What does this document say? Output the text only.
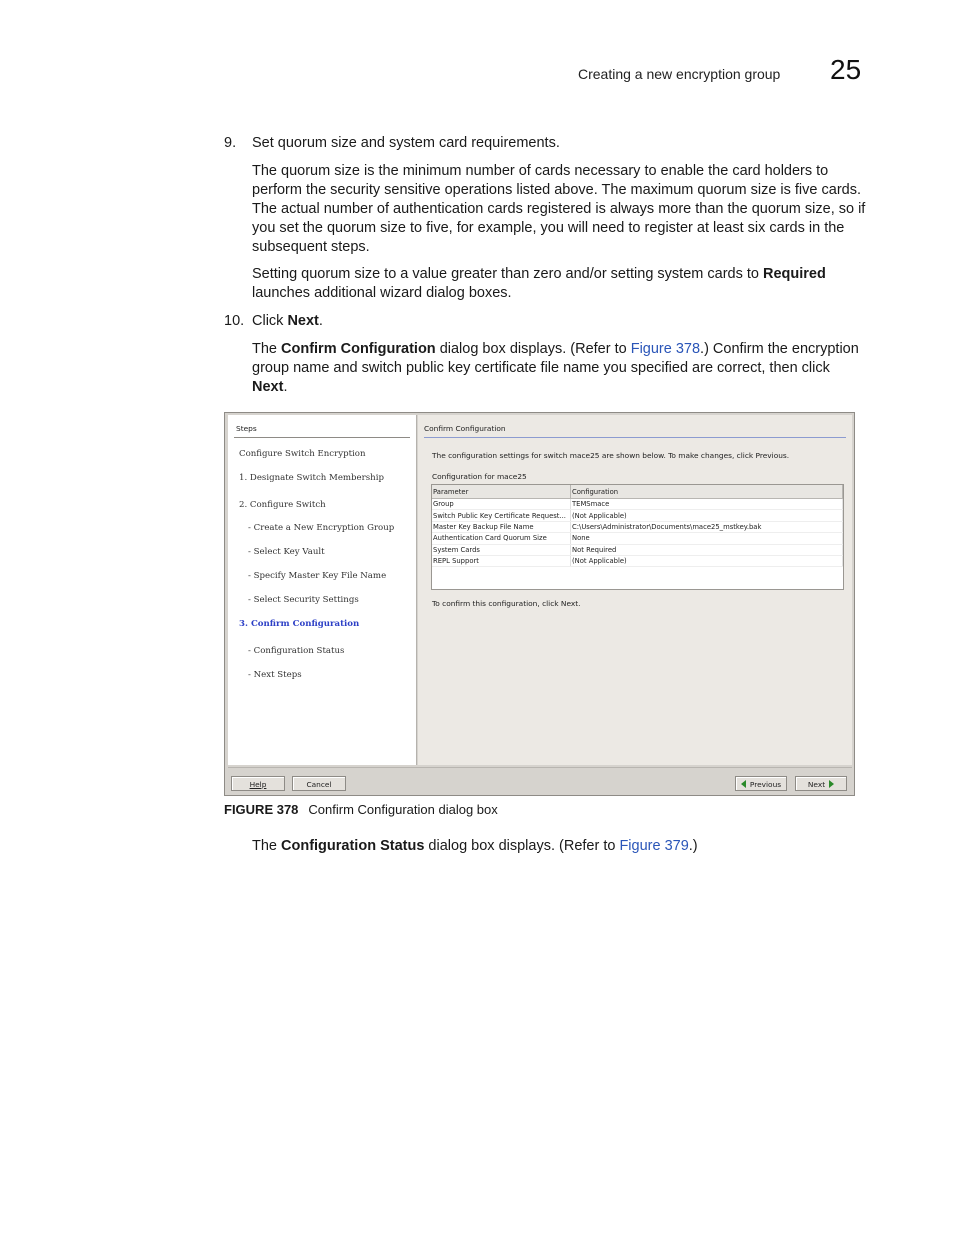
Creating a new encryption group 25
9. Set quorum size and system card requirements.
The quorum size is the minimum number of cards necessary to enable the card holders to perform the security sensitive operations listed above. The maximum quorum size is five cards. The actual number of authentication cards registered is always more than the quorum size, so if you set the quorum size to five, for example, you will need to register at least six cards in the subsequent steps.
Setting quorum size to a value greater than zero and/or setting system cards to Required launches additional wizard dialog boxes.
10. Click Next.
The Confirm Configuration dialog box displays. (Refer to Figure 378.) Confirm the encryption group name and switch public key certificate file name you specified are correct, then click Next.
Steps
Configure Switch Encryption
1. Designate Switch Membership
2. Configure Switch
- Create a New Encryption Group
- Select Key Vault
- Specify Master Key File Name
- Select Security Settings
3. Confirm Configuration
- Configuration Status
- Next Steps
Confirm Configuration
The configuration settings for switch mace25 are shown below. To make changes, click Previous.
Configuration for mace25
Parameter	Configuration
Group	TEMSmace
Switch Public Key Certificate Request...	(Not Applicable)
Master Key Backup File Name	C:\Users\Administrator\Documents\mace25_mstkey.bak
Authentication Card Quorum Size	None
System Cards	Not Required
REPL Support	(Not Applicable)
To confirm this configuration, click Next.
Help	Cancel	Previous	Next
FIGURE 378 Confirm Configuration dialog box
The Configuration Status dialog box displays. (Refer to Figure 379.)
